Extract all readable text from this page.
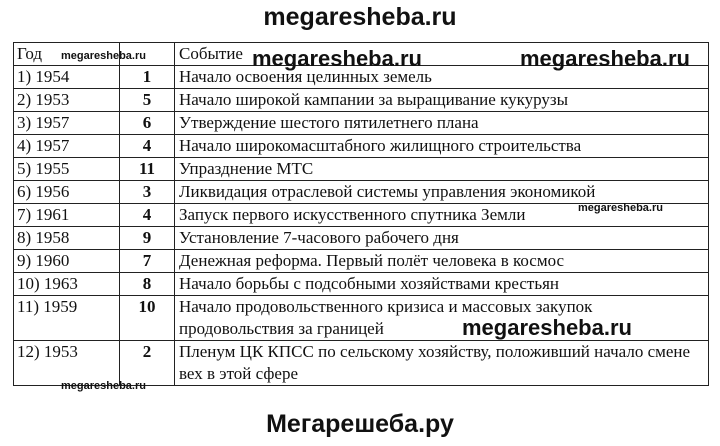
megaresheba.ru
Год		Событие
1) 1954	1	Начало освоения целинных земель
2) 1953	5	Начало широкой кампании за выращивание кукурузы
3) 1957	6	Утверждение шестого пятилетнего плана
4) 1957	4	Начало широкомасштабного жилищного строительства
5) 1955	11	Упразднение МТС
6) 1956	3	Ликвидация отраслевой системы управления экономикой
7) 1961	4	Запуск первого искусственного спутника Земли
8) 1958	9	Установление 7-часового рабочего дня
9) 1960	7	Денежная реформа. Первый полёт человека в космос
10) 1963	8	Начало борьбы с подсобными хозяйствами крестьян
11) 1959	10	Начало продовольственного кризиса и массовых закупок продовольствия за границей
12) 1953	2	Пленум ЦК КПСС по сельскому хозяйству, положивший начало смене вех в этой сфере
megaresheba.ru	megaresheba.ru	megaresheba.ru
megaresheba.ru
megaresheba.ru
megaresheba.ru
Мегарешеба.ру
